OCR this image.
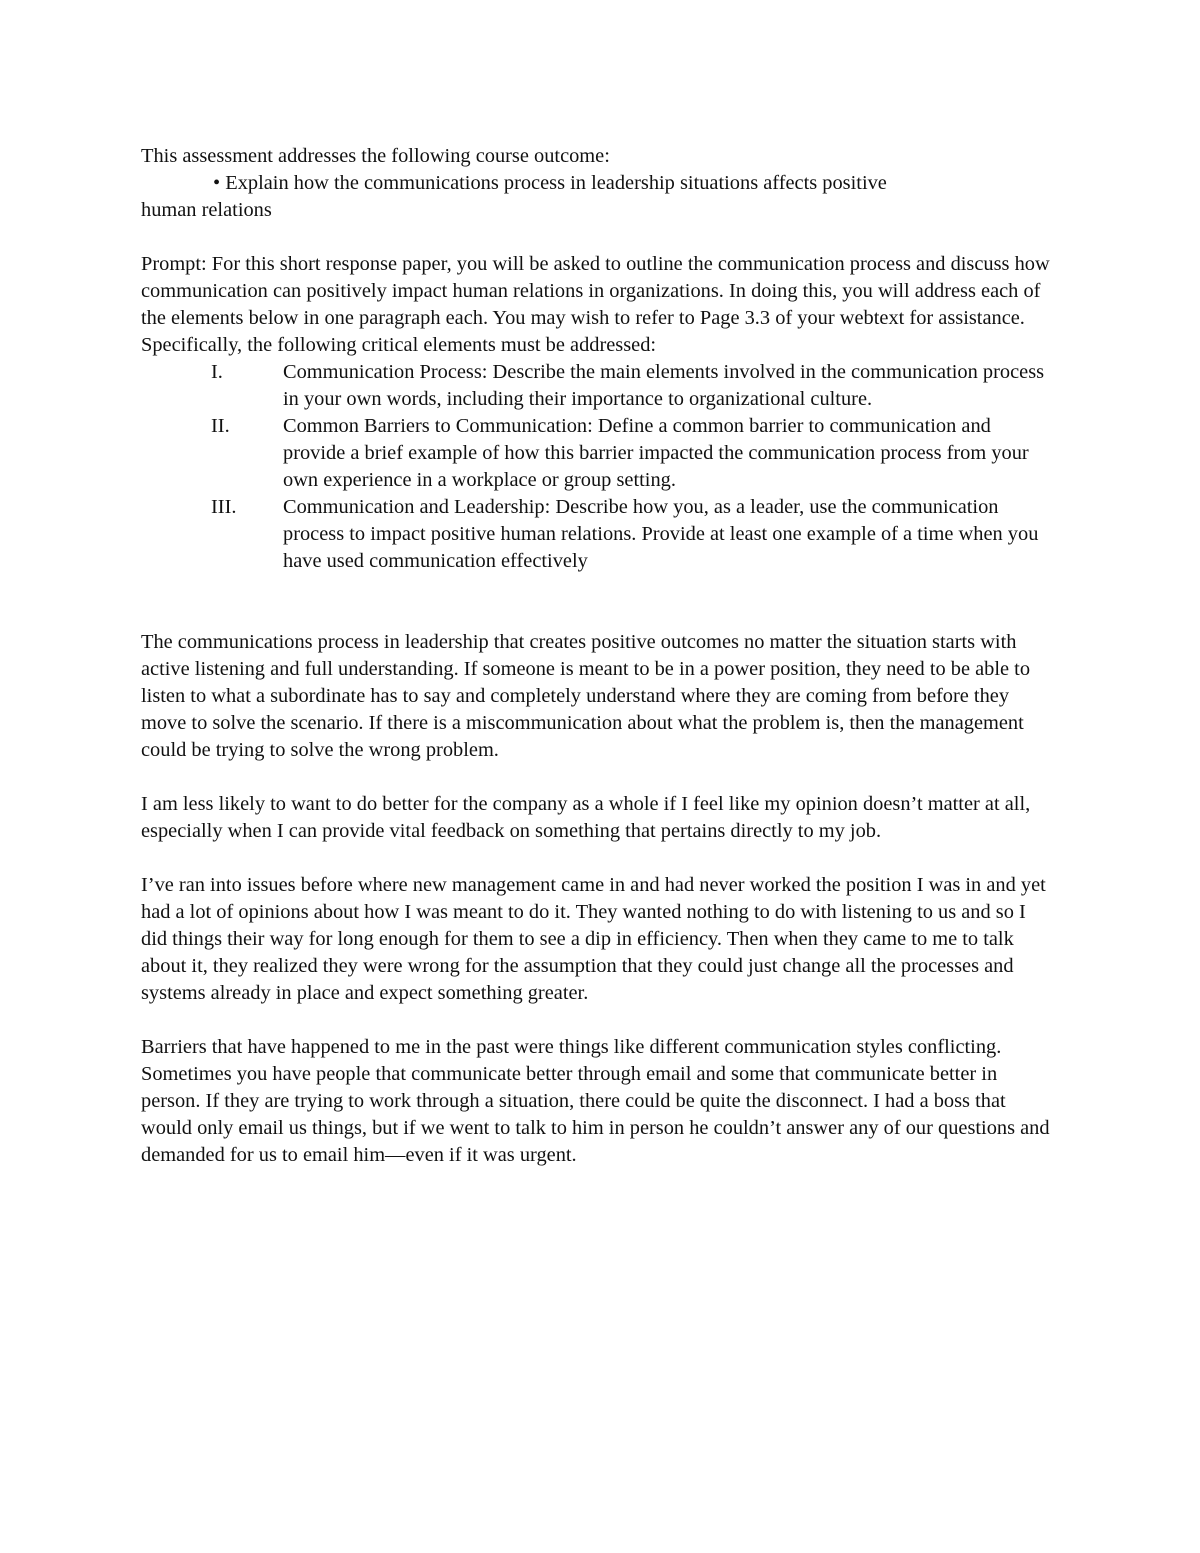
This assessment addresses the following course outcome:

• Explain how the communications process in leadership situations affects positive

human relations

Prompt: For this short response paper, you will be asked to outline the communication process and discuss how communication can positively impact human relations in organizations. In doing this, you will address each of the elements below in one paragraph each. You may wish to refer to Page 3.3 of your webtext for assistance. Specifically, the following critical elements must be addressed:

I.	Communication Process: Describe the main elements involved in the communication process in your own words, including their importance to organizational culture.
II.	Common Barriers to Communication: Define a common barrier to communication and provide a brief example of how this barrier impacted the communication process from your own experience in a workplace or group setting.
III. Communication and Leadership: Describe how you, as a leader, use the communication process to impact positive human relations. Provide at least one example of a time when you have used communication effectively

The communications process in leadership that creates positive outcomes no matter the situation starts with active listening and full understanding. If someone is meant to be in a power position, they need to be able to listen to what a subordinate has to say and completely understand where they are coming from before they move to solve the scenario. If there is a miscommunication about what the problem is, then the management could be trying to solve the wrong problem.

I am less likely to want to do better for the company as a whole if I feel like my opinion doesn’t matter at all, especially when I can provide vital feedback on something that pertains directly to my job.

I’ve ran into issues before where new management came in and had never worked the position I was in and yet had a lot of opinions about how I was meant to do it. They wanted nothing to do with listening to us and so I did things their way for long enough for them to see a dip in efficiency. Then when they came to me to talk about it, they realized they were wrong for the assumption that they could just change all the processes and systems already in place and expect something greater.

Barriers that have happened to me in the past were things like different communication styles conflicting. Sometimes you have people that communicate better through email and some that communicate better in person. If they are trying to work through a situation, there could be quite the disconnect. I had a boss that would only email us things, but if we went to talk to him in person he couldn’t answer any of our questions and demanded for us to email him—even if it was urgent.
